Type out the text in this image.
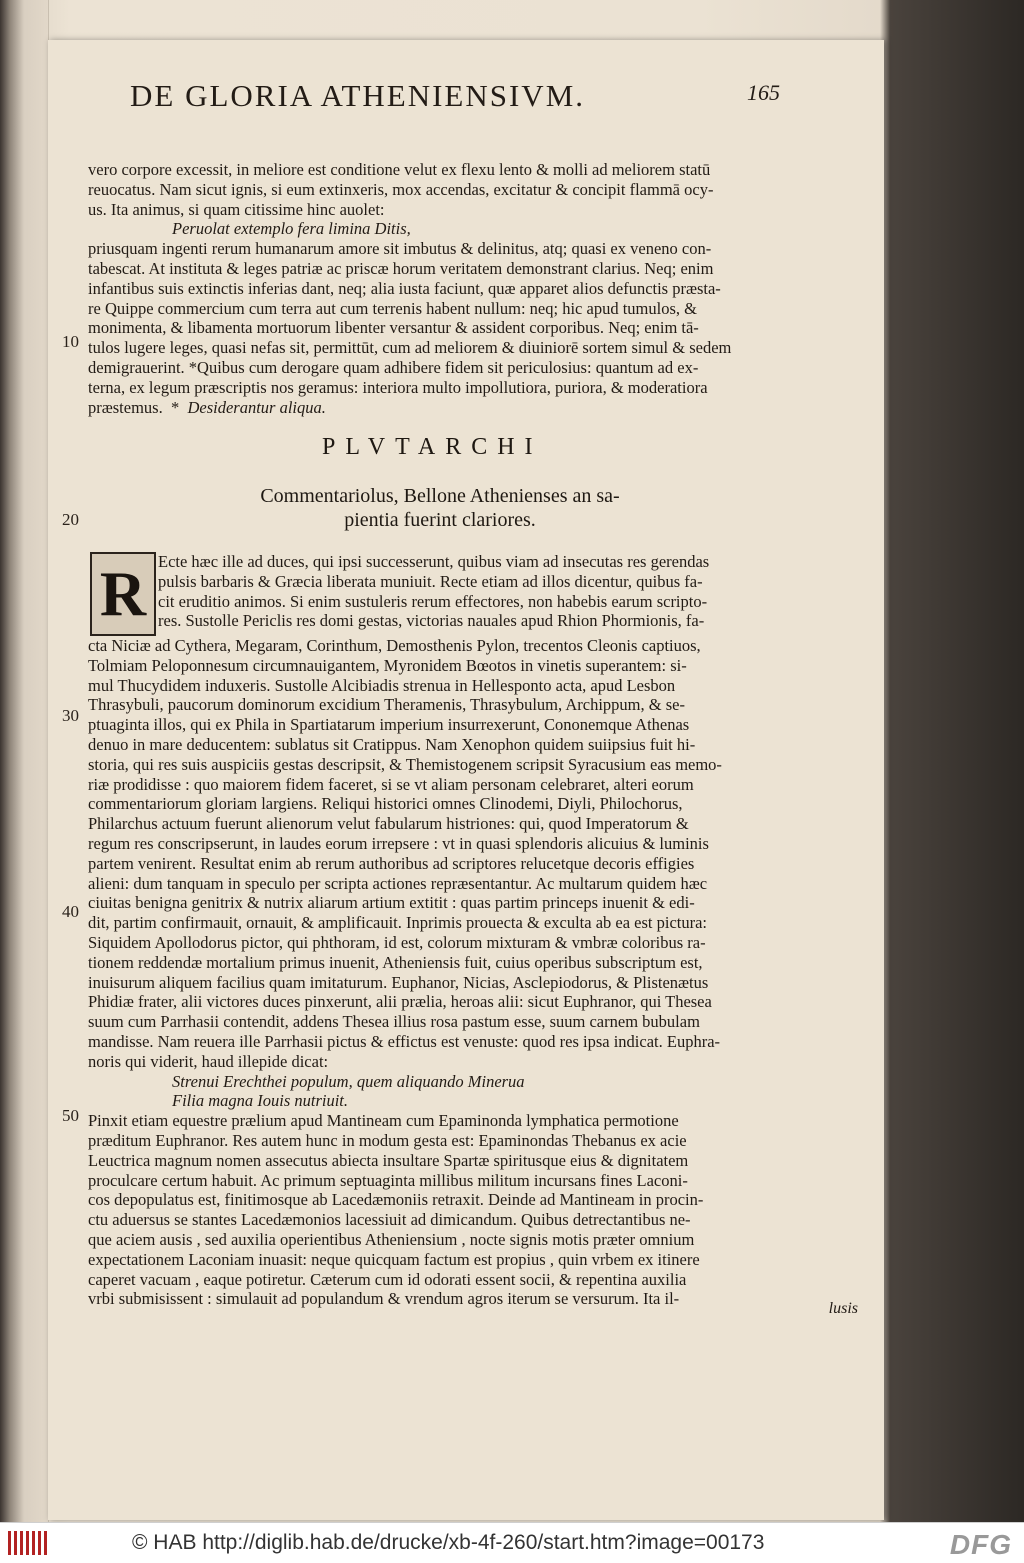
DE GLORIA ATHENIENSIVM.	165
vero corpore excessit, in meliore est conditione velut ex flexu lento & molli ad meliorem statū
reuocatus. Nam sicut ignis, si eum extinxeris, mox accendas, excitatur & concipit flammā ocy-
us. Ita animus, si quam citissime hinc auolet:
Peruolat extemplo fera limina Ditis,
priusquam ingenti rerum humanarum amore sit imbutus & delinitus, atq; quasi ex veneno con-
tabescat. At instituta & leges patriæ ac priscæ horum veritatem demonstrant clarius. Neq; enim
infantibus suis extinctis inferias dant, neq; alia iusta faciunt, quæ apparet alios defunctis præsta-
re Quippe commercium cum terra aut cum terrenis habent nullum: neq; hic apud tumulos, &
monimenta, & libamenta mortuorum libenter versantur & assident corporibus. Neq; enim tā-
tulos lugere leges, quasi nefas sit, permittūt, cum ad meliorem & diuiniorē sortem simul & sedem
demigrauerint. *Quibus cum derogare quam adhibere fidem sit periculosius: quantum ad ex-
terna, ex legum præscriptis nos geramus: interiora multo impollutiora, puriora, & moderatiora
præstemus. * Desiderantur aliqua.
10
20
30
40
50
PLVTARCHI
Commentariolus, Bellone Athenienses an sa-
pientia fuerint clariores.
R Ecte hæc ille ad duces, qui ipsi successerunt, quibus viam ad insecutas res gerendas
pulsis barbaris & Græcia liberata muniuit. Recte etiam ad illos dicentur, quibus fa-
cit eruditio animos. Si enim sustuleris rerum effectores, non habebis earum scripto-
res. Sustolle Periclis res domi gestas, victorias nauales apud Rhion Phormionis, fa-
cta Niciæ ad Cythera, Megaram, Corinthum, Demosthenis Pylon, trecentos Cleonis captiuos,
Tolmiam Peloponnesum circumnauigantem, Myronidem Bœotos in vinetis superantem: si-
mul Thucydidem induxeris. Sustolle Alcibiadis strenua in Hellesponto acta, apud Lesbon
Thrasybuli, paucorum dominorum excidium Theramenis, Thrasybulum, Archippum, & se-
ptuaginta illos, qui ex Phila in Spartiatarum imperium insurrexerunt, Cononemque Athenas
denuo in mare deducentem: sublatus sit Cratippus. Nam Xenophon quidem suiipsius fuit hi-
storia, qui res suis auspiciis gestas descripsit, & Themistogenem scripsit Syracusium eas memo-
riæ prodidisse : quo maiorem fidem faceret, si se vt aliam personam celebraret, alteri eorum
commentariorum gloriam largiens. Reliqui historici omnes Clinodemi, Diyli, Philochorus,
Philarchus actuum fuerunt alienorum velut fabularum histriones: qui, quod Imperatorum &
regum res conscripserunt, in laudes eorum irrepsere : vt in quasi splendoris alicuius & luminis
partem venirent. Resultat enim ab rerum authoribus ad scriptores relucetque decoris effigies
alieni: dum tanquam in speculo per scripta actiones repræsentantur. Ac multarum quidem hæc
ciuitas benigna genitrix & nutrix aliarum artium extitit : quas partim princeps inuenit & edi-
dit, partim confirmauit, ornauit, & amplificauit. Inprimis prouecta & exculta ab ea est pictura:
Siquidem Apollodorus pictor, qui phthoram, id est, colorum mixturam & vmbræ coloribus ra-
tionem reddendæ mortalium primus inuenit, Atheniensis fuit, cuius operibus subscriptum est,
inuisurum aliquem facilius quam imitaturum. Euphanor, Nicias, Asclepiodorus, & Plistenætus
Phidiæ frater, alii victores duces pinxerunt, alii prælia, heroas alii: sicut Euphranor, qui Thesea
suum cum Parrhasii contendit, addens Thesea illius rosa pastum esse, suum carnem bubulam
mandisse. Nam reuera ille Parrhasii pictus & effictus est venuste: quod res ipsa indicat. Euphra-
noris qui viderit, haud illepide dicat:
Strenui Erechthei populum, quem aliquando Minerua
Filia magna Iouis nutriuit.
Pinxit etiam equestre prælium apud Mantineam cum Epaminonda lymphatica permotione
præditum Euphranor. Res autem hunc in modum gesta est: Epaminondas Thebanus ex acie
Leuctrica magnum nomen assecutus abiecta insultare Spartæ spiritusque eius & dignitatem
proculcare certum habuit. Ac primum septuaginta millibus militum incursans fines Laconi-
cos depopulatus est, finitimosque ab Lacedæmoniis retraxit. Deinde ad Mantineam in procin-
ctu aduersus se stantes Lacedæmonios lacessiuit ad dimicandum. Quibus detrectantibus ne-
que aciem ausis , sed auxilia operientibus Atheniensium , nocte signis motis præter omnium
expectationem Laconiam inuasit: neque quicquam factum est propius , quin vrbem ex itinere
caperet vacuam , eaque potiretur. Cæterum cum id odorati essent socii, & repentina auxilia
vrbi submisissent : simulauit ad populandum & vrendum agros iterum se versurum. Ita il-
lusis
© HAB http://diglib.hab.de/drucke/xb-4f-260/start.htm?image=00173	DFG
